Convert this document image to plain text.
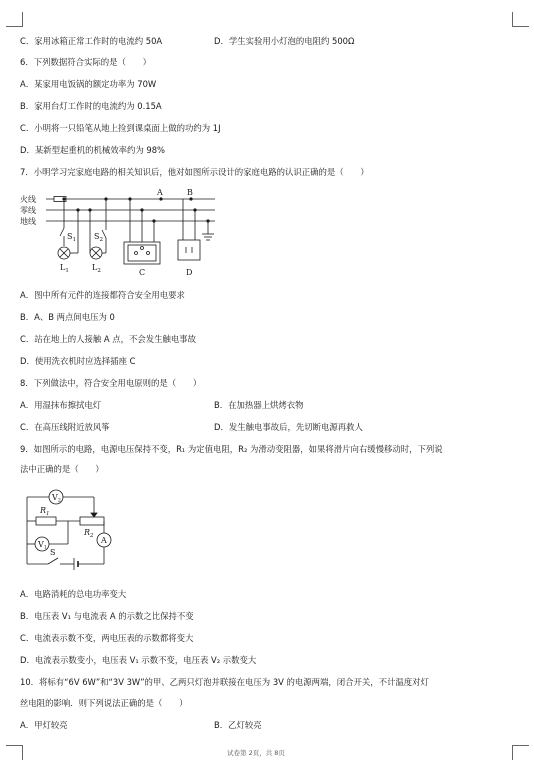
C．家用冰箱正常工作时的电流约 50A	D．学生实验用小灯泡的电阻约 500Ω
6．下列数据符合实际的是（　　）
A．某家用电饭锅的额定功率为 70W
B．家用台灯工作时的电流约为 0.15A
C．小明将一只铅笔从地上捡到课桌面上做的功约为 1J
D．某新型起重机的机械效率约为 98%
7．小明学习完家庭电路的相关知识后，他对如图所示设计的家庭电路的认识正确的是（　　）
A．图中所有元件的连接都符合安全用电要求
B．A、B 两点间电压为 0
C．站在地上的人接触 A 点，不会发生触电事故
D．使用洗衣机时应选择插座 C
8．下列做法中，符合安全用电原则的是（　　）
A．用湿抹布擦拭电灯	B．在加热器上烘烤衣物
C．在高压线附近放风筝	D．发生触电事故后，先切断电源再救人
9．如图所示的电路，电源电压保持不变，R₁ 为定值电阻，R₂ 为滑动变阻器，如果将滑片向右缓慢移动时，下列说
法中正确的是（　　）
A．电路消耗的总电功率变大
B．电压表 V₁ 与电流表 A 的示数之比保持不变
C．电流表示数不变，两电压表的示数都将变大
D．电流表示数变小，电压表 V₁ 示数不变，电压表 V₂ 示数变大
10．将标有“6V 6W”和“3V 3W”的甲、乙两只灯泡并联接在电压为 3V 的电源两端，闭合开关，不计温度对灯
丝电阻的影响．则下列说法正确的是（　　）
A．甲灯较亮	B．乙灯较亮
火线
零线
地线
A	B
$S_1$ $S_2$
$L_1$	$L_2$	C	D
V2
$R_1$
$R_2$
V1
A
S
试卷第 2页，共 8页
